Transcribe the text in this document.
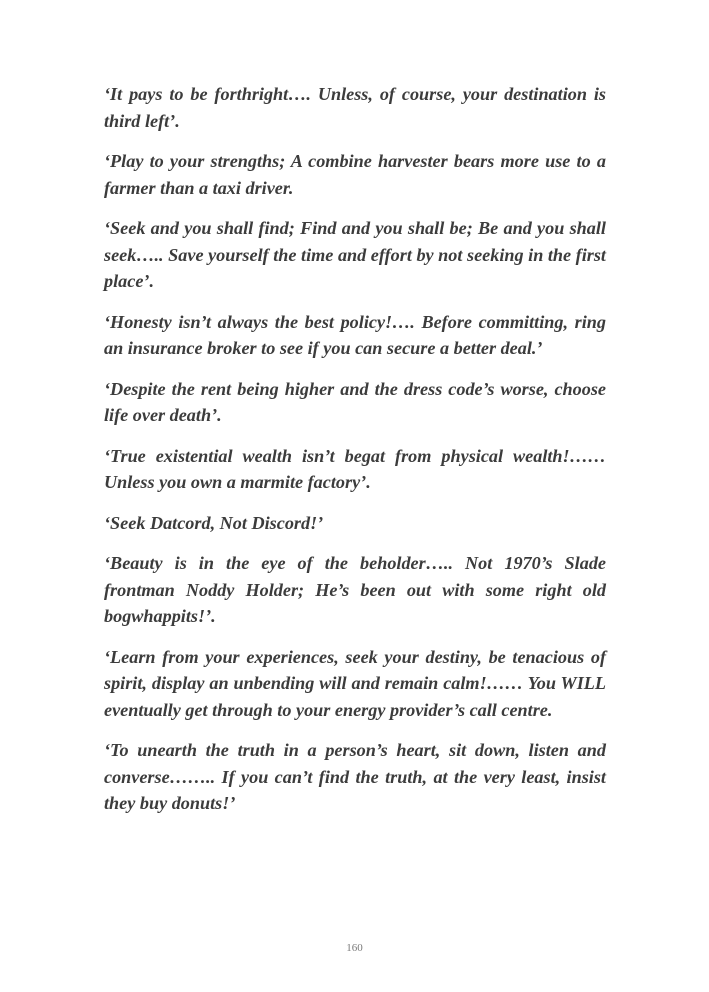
‘It pays to be forthright…. Unless, of course, your destination is third left’.

‘Play to your strengths; A combine harvester bears more use to a farmer than a taxi driver.

‘Seek and you shall find; Find and you shall be; Be and you shall seek….. Save yourself the time and effort by not seeking in the first place’.

‘Honesty isn’t always the best policy!…. Before committing, ring an insurance broker to see if you can secure a better deal.’

‘Despite the rent being higher and the dress code’s worse, choose life over death’.

‘True existential wealth isn’t begat from physical wealth!…… Unless you own a marmite factory’.

‘Seek Datcord, Not Discord!’

‘Beauty is in the eye of the beholder….. Not 1970’s Slade frontman Noddy Holder; He’s been out with some right old bogwhappits!’.

‘Learn from your experiences, seek your destiny, be tenacious of spirit, display an unbending will and remain calm!…… You WILL eventually get through to your energy provider’s call centre.

‘To unearth the truth in a person’s heart, sit down, listen and converse…….. If you can’t find the truth, at the very least, insist they buy donuts!’

160
